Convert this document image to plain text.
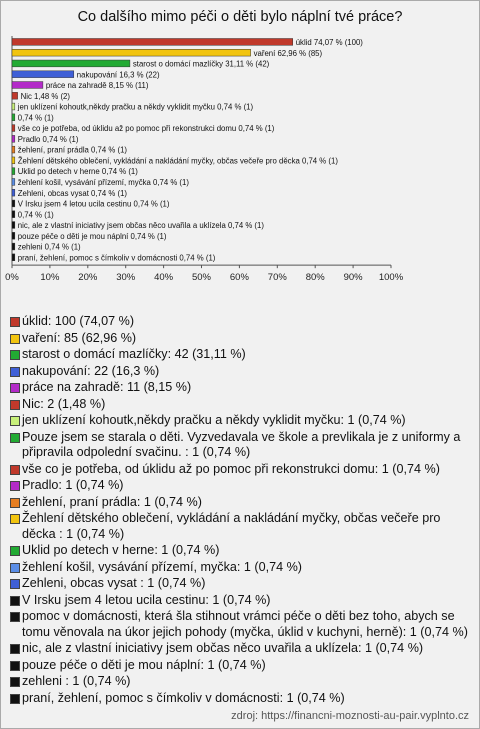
Co dalšího mimo péči o děti bylo náplní tvé práce?
úklid 74,07 % (100)
vaření 62,96 % (85)
starost o domácí mazlíčky 31,11 % (42)
nakupování 16,3 % (22)
práce na zahradě 8,15 % (11)
Nic 1,48 % (2)
jen uklízení kohoutk,někdy pračku a někdy vyklidit myčku 0,74 % (1)
0,74 % (1)
vše co je potřeba, od úklidu až po pomoc při rekonstrukci domu 0,74 % (1)
Pradlo 0,74 % (1)
žehlení, praní prádla 0,74 % (1)
Žehlení dětského oblečení, vykládání a nakládání myčky, občas večeře pro děcka 0,74 % (1)
Uklid po detech v herne 0,74 % (1)
žehlení košil, vysávání přízemí, myčka 0,74 % (1)
Zehleni, obcas vysat 0,74 % (1)
V Irsku jsem 4 letou ucila cestinu 0,74 % (1)
0,74 % (1)
nic, ale z vlastní iniciativy jsem občas něco uvařila a uklízela 0,74 % (1)
pouze péče o děti je mou náplní 0,74 % (1)
zehleni 0,74 % (1)
praní, žehlení, pomoc s čímkoliv v domácnosti 0,74 % (1)
0% 10% 20% 30% 40% 50% 60% 70% 80% 90% 100%
úklid: 100 (74,07 %)
vaření: 85 (62,96 %)
starost o domácí mazlíčky: 42 (31,11 %)
nakupování: 22 (16,3 %)
práce na zahradě: 11 (8,15 %)
Nic: 2 (1,48 %)
jen uklízení kohoutk,někdy pračku a někdy vyklidit myčku: 1 (0,74 %)
Pouze jsem se starala o děti. Vyzvedavala ve škole a prevlikala je z uniformy a připravila odpolední svačinu. : 1 (0,74 %)
vše co je potřeba, od úklidu až po pomoc při rekonstrukci domu: 1 (0,74 %)
Pradlo: 1 (0,74 %)
žehlení, praní prádla: 1 (0,74 %)
Žehlení dětského oblečení, vykládání a nakládání myčky, občas večeře pro děcka : 1 (0,74 %)
Uklid po detech v herne: 1 (0,74 %)
žehlení košil, vysávání přízemí, myčka: 1 (0,74 %)
Zehleni, obcas vysat : 1 (0,74 %)
V Irsku jsem 4 letou ucila cestinu: 1 (0,74 %)
pomoc v domácnosti, která šla stihnout vrámci péče o děti bez toho, abych se tomu věnovala na úkor jejich pohody (myčka, úklid v kuchyni, herně): 1 (0,74 %)
nic, ale z vlastní iniciativy jsem občas něco uvařila a uklízela: 1 (0,74 %)
pouze péče o děti je mou náplní: 1 (0,74 %)
zehleni : 1 (0,74 %)
praní, žehlení, pomoc s čímkoliv v domácnosti: 1 (0,74 %)
zdroj: https://financni-moznosti-au-pair.vyplnto.cz
